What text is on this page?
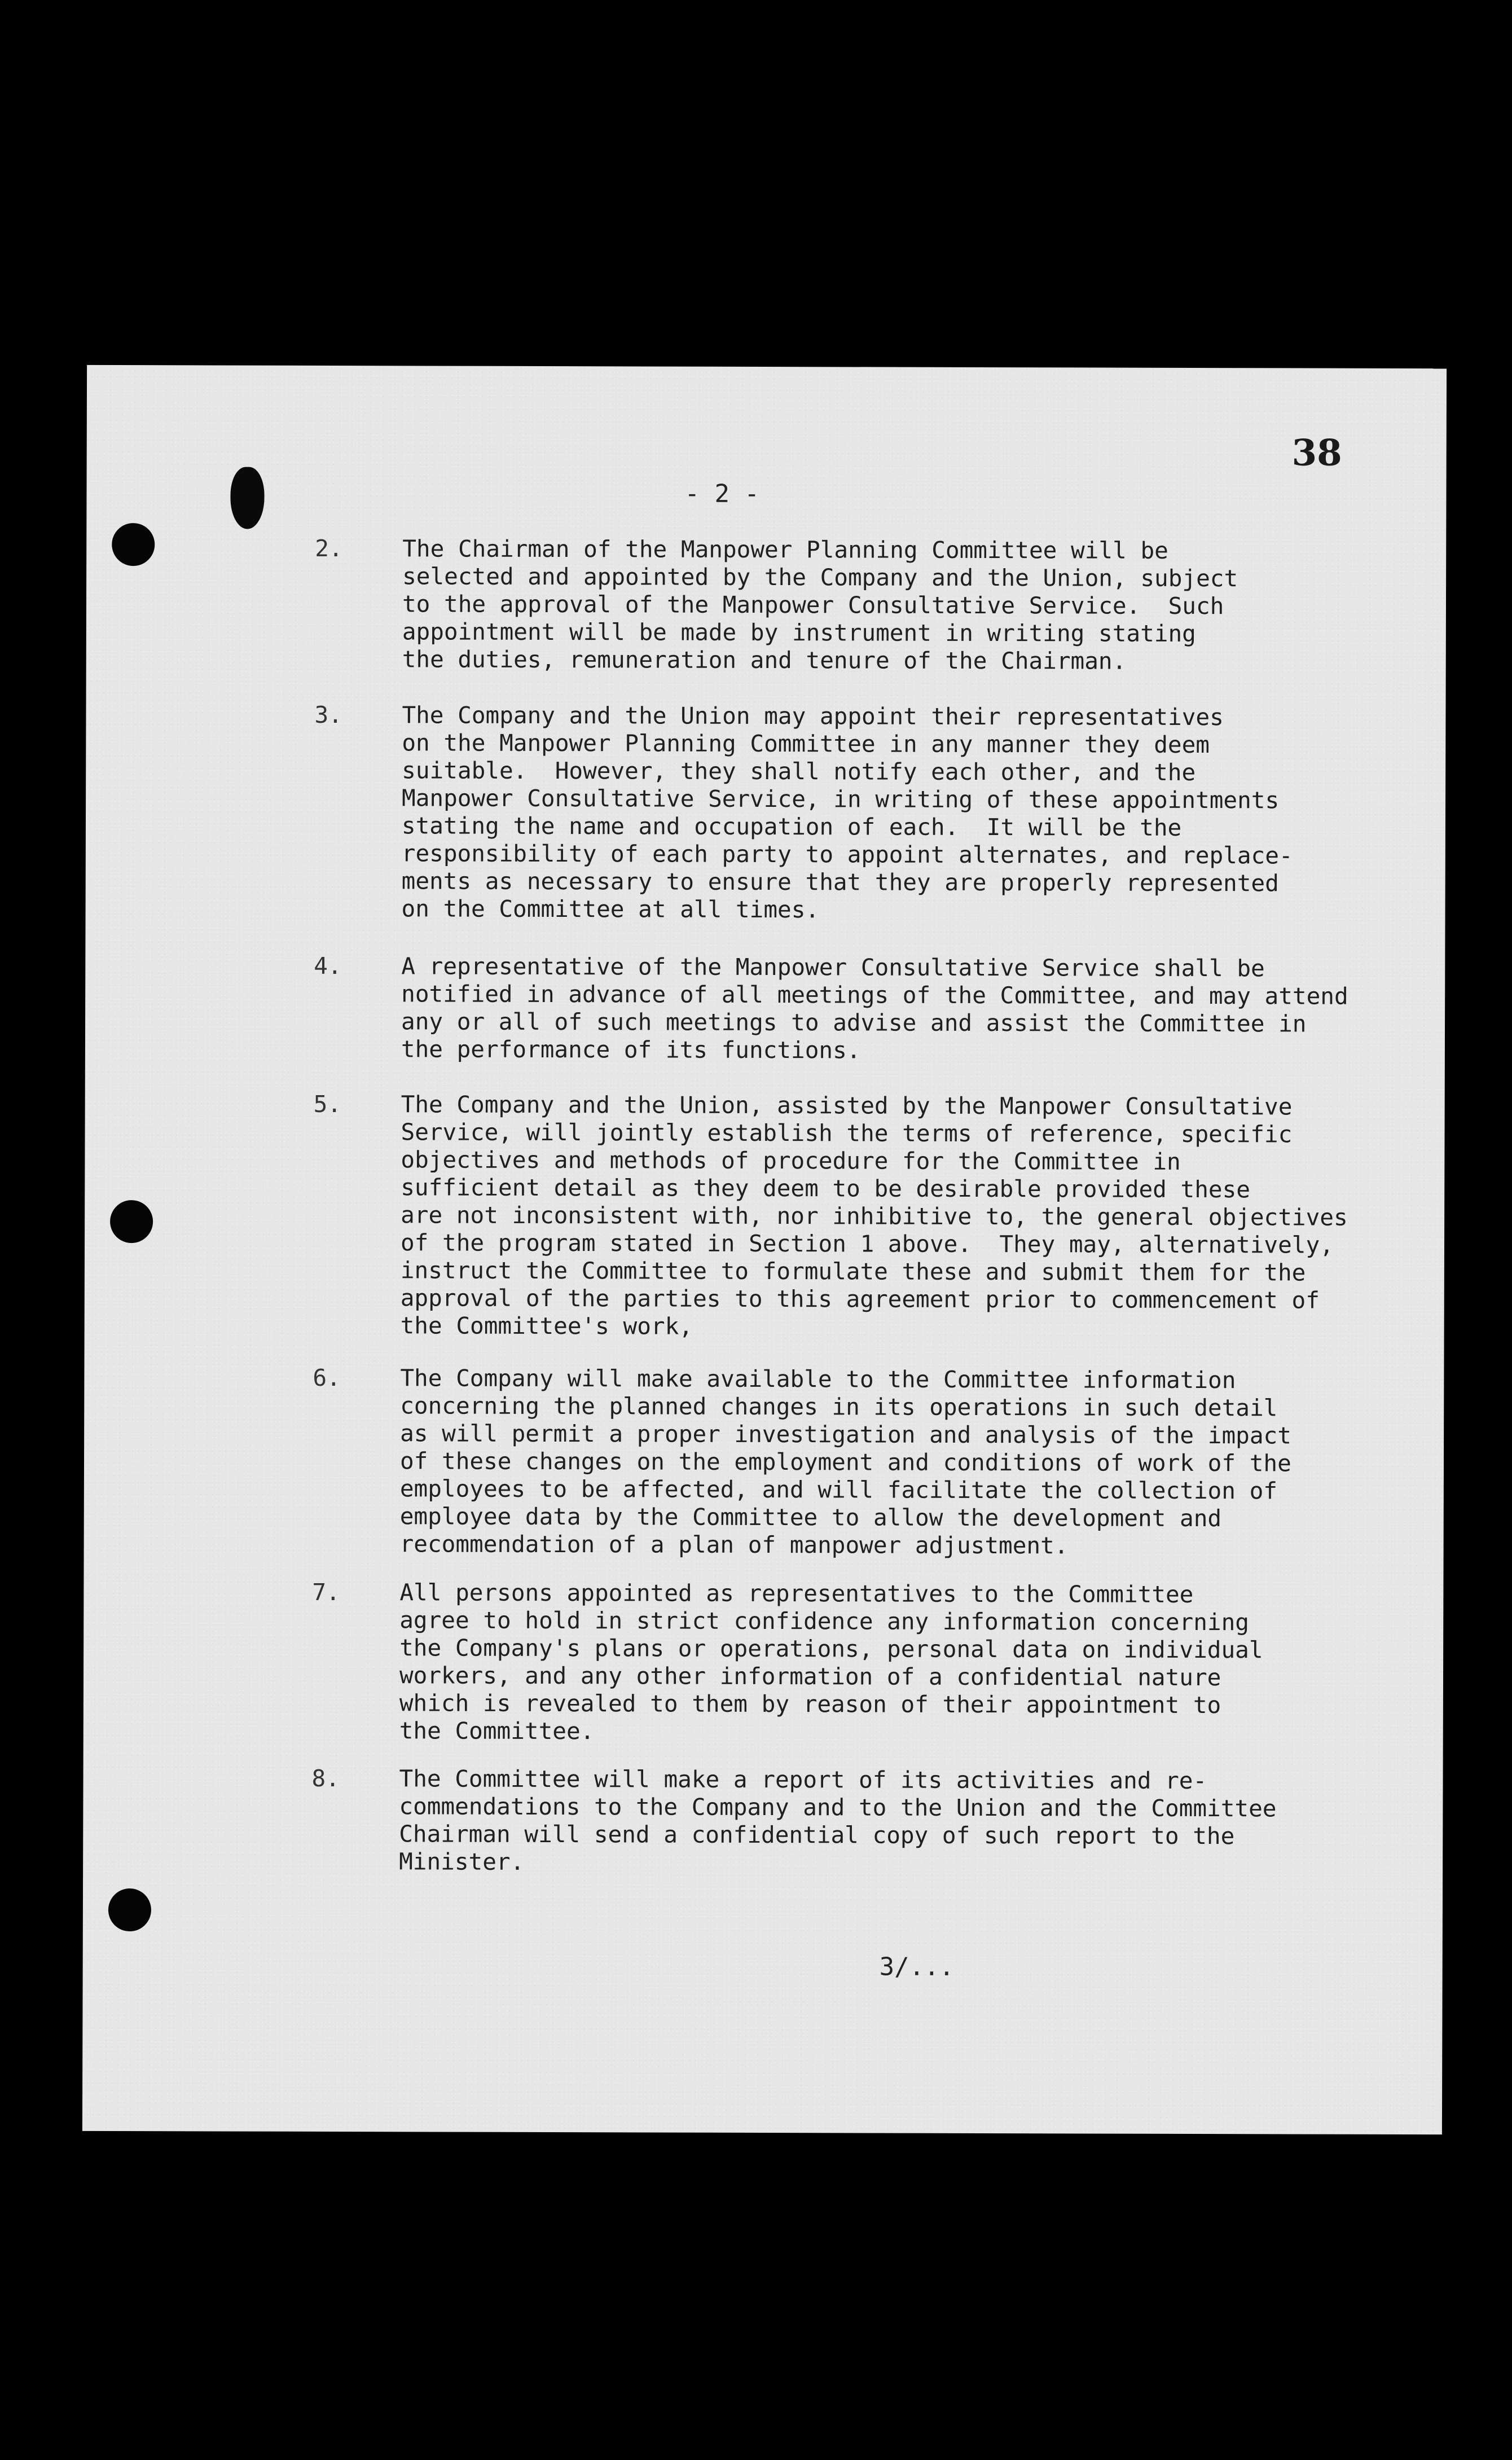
38
- 2 -
2.	The Chairman of the Manpower Planning Committee will be
selected and appointed by the Company and the Union, subject
to the approval of the Manpower Consultative Service.  Such
appointment will be made by instrument in writing stating
the duties, remuneration and tenure of the Chairman.
3.	The Company and the Union may appoint their representatives
on the Manpower Planning Committee in any manner they deem
suitable.  However, they shall notify each other, and the
Manpower Consultative Service, in writing of these appointments
stating the name and occupation of each.  It will be the
responsibility of each party to appoint alternates, and replace-
ments as necessary to ensure that they are properly represented
on the Committee at all times.
4.	A representative of the Manpower Consultative Service shall be
notified in advance of all meetings of the Committee, and may attend
any or all of such meetings to advise and assist the Committee in
the performance of its functions.
5.	The Company and the Union, assisted by the Manpower Consultative
Service, will jointly establish the terms of reference, specific
objectives and methods of procedure for the Committee in
sufficient detail as they deem to be desirable provided these
are not inconsistent with, nor inhibitive to, the general objectives
of the program stated in Section 1 above.  They may, alternatively,
instruct the Committee to formulate these and submit them for the
approval of the parties to this agreement prior to commencement of
the Committee's work,
6.	The Company will make available to the Committee information
concerning the planned changes in its operations in such detail
as will permit a proper investigation and analysis of the impact
of these changes on the employment and conditions of work of the
employees to be affected, and will facilitate the collection of
employee data by the Committee to allow the development and
recommendation of a plan of manpower adjustment.
7.	All persons appointed as representatives to the Committee
agree to hold in strict confidence any information concerning
the Company's plans or operations, personal data on individual
workers, and any other information of a confidential nature
which is revealed to them by reason of their appointment to
the Committee.
8.	The Committee will make a report of its activities and re-
commendations to the Company and to the Union and the Committee
Chairman will send a confidential copy of such report to the
Minister.
3/...
